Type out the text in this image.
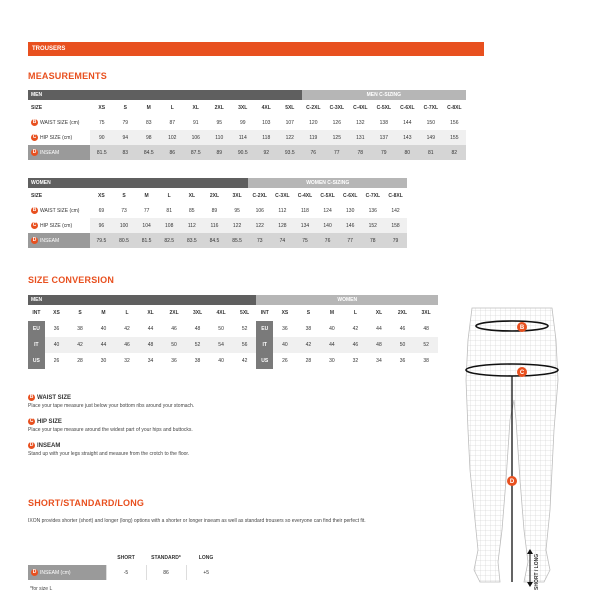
TROUSERS
MEASUREMENTS
MEN										MEN C-SIZING						
SIZE	XS	S	M	L	XL	2XL	3XL	4XL	5XL	C-2XL	C-3XL	C-4XL	C-5XL	C-6XL	C-7XL	C-8XL
B WAIST SIZE (cm)	75	79	83	87	91	95	99	103	107	120	126	132	138	144	150	156
C HIP SIZE (cm)	90	94	98	102	106	110	114	118	122	119	125	131	137	143	149	155
D INSEAM	81.5	83	84.5	86	87.5	89	90.5	92	93.5	76	77	78	79	80	81	82
WOMEN								WOMEN C-SIZING						
SIZE	XS	S	M	L	XL	2XL	3XL	C-2XL	C-3XL	C-4XL	C-5XL	C-6XL	C-7XL	C-8XL
B WAIST SIZE (cm)	69	73	77	81	85	89	95	106	112	118	124	130	136	142
C HIP SIZE (cm)	96	100	104	108	112	116	122	122	128	134	140	146	152	158
D INSEAM	79.5	80.5	81.5	82.5	83.5	84.5	85.5	73	74	75	76	77	78	79
SIZE CONVERSION
MEN										WOMEN							
INT	XS	S	M	L	XL	2XL	3XL	4XL	5XL	INT	XS	S	M	L	XL	2XL	3XL
EU	36	38	40	42	44	46	48	50	52	EU	36	38	40	42	44	46	48
IT	40	42	44	46	48	50	52	54	56	IT	40	42	44	46	48	50	52
US	26	28	30	32	34	36	38	40	42	US	26	28	30	32	34	36	38
B WAIST SIZE
Place your tape measure just below your bottom ribs around your stomach.
C HIP SIZE
Place your tape measure around the widest part of your hips and buttocks.
D INSEAM
Stand up with your legs straight and measure from the crotch to the floor.
SHORT/STANDARD/LONG
IXON provides shorter (short) and longer (long) options with a shorter or longer inseam as well as standard trousers so everyone can find their perfect fit.
	SHORT	STANDARD*	LONG
D INSEAM (cm)	-5	86	+5
*for size L
B
C
D
SHORT / LONG
